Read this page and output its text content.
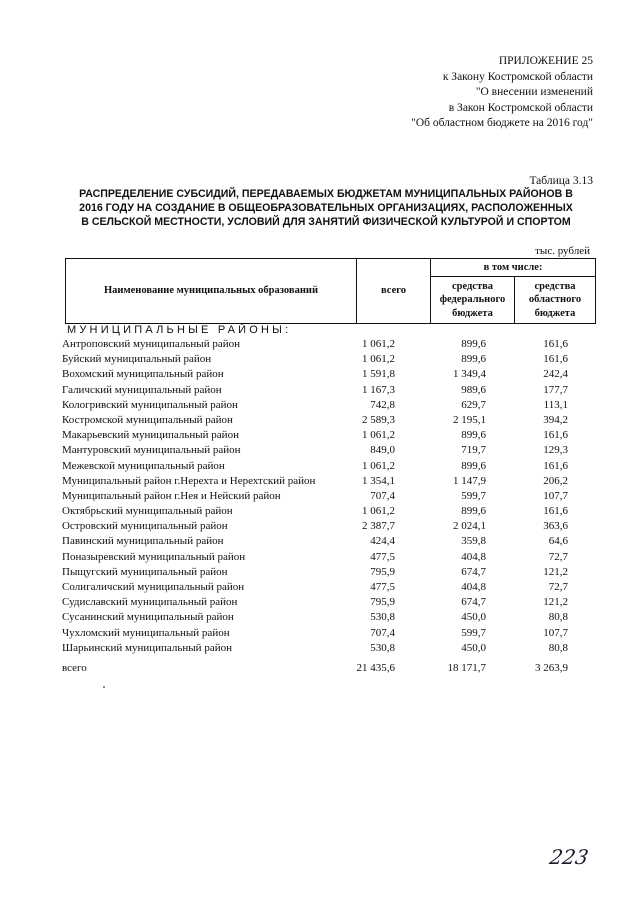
ПРИЛОЖЕНИЕ 25
к Закону Костромской области
"О внесении изменений
в Закон Костромской области
"Об областном бюджете на 2016 год"
Таблица 3.13
РАСПРЕДЕЛЕНИЕ СУБСИДИЙ, ПЕРЕДАВАЕМЫХ БЮДЖЕТАМ МУНИЦИПАЛЬНЫХ РАЙОНОВ В
2016 ГОДУ НА СОЗДАНИЕ В ОБЩЕОБРАЗОВАТЕЛЬНЫХ ОРГАНИЗАЦИЯХ, РАСПОЛОЖЕННЫХ
В СЕЛЬСКОЙ МЕСТНОСТИ, УСЛОВИЙ ДЛЯ ЗАНЯТИЙ ФИЗИЧЕСКОЙ КУЛЬТУРОЙ И СПОРТОМ
тыс. рублей
Наименование муниципальных образований	всего	в том числе:	
		средства федерального бюджета	средства областного бюджета
МУНИЦИПАЛЬНЫЕ РАЙОНЫ:
Антроповский муниципальный район	1 061,2	899,6	161,6
Буйский муниципальный район	1 061,2	899,6	161,6
Вохомский муниципальный район	1 591,8	1 349,4	242,4
Галичский муниципальный район	1 167,3	989,6	177,7
Кологривский муниципальный район	742,8	629,7	113,1
Костромской муниципальный район	2 589,3	2 195,1	394,2
Макарьевский муниципальный район	1 061,2	899,6	161,6
Мантуровский муниципальный район	849,0	719,7	129,3
Межевской муниципальный район	1 061,2	899,6	161,6
Муниципальный район г.Нерехта и Нерехтский район	1 354,1	1 147,9	206,2
Муниципальный район г.Нея и Нейский район	707,4	599,7	107,7
Октябрьский муниципальный район	1 061,2	899,6	161,6
Островский муниципальный район	2 387,7	2 024,1	363,6
Павинский муниципальный район	424,4	359,8	64,6
Поназыревский муниципальный район	477,5	404,8	72,7
Пыщугский муниципальный район	795,9	674,7	121,2
Солигаличский муниципальный район	477,5	404,8	72,7
Судиславский муниципальный район	795,9	674,7	121,2
Сусанинский муниципальный район	530,8	450,0	80,8
Чухломский муниципальный район	707,4	599,7	107,7
Шарьинский муниципальный район	530,8	450,0	80,8
всего	21 435,6	18 171,7	3 263,9
223
